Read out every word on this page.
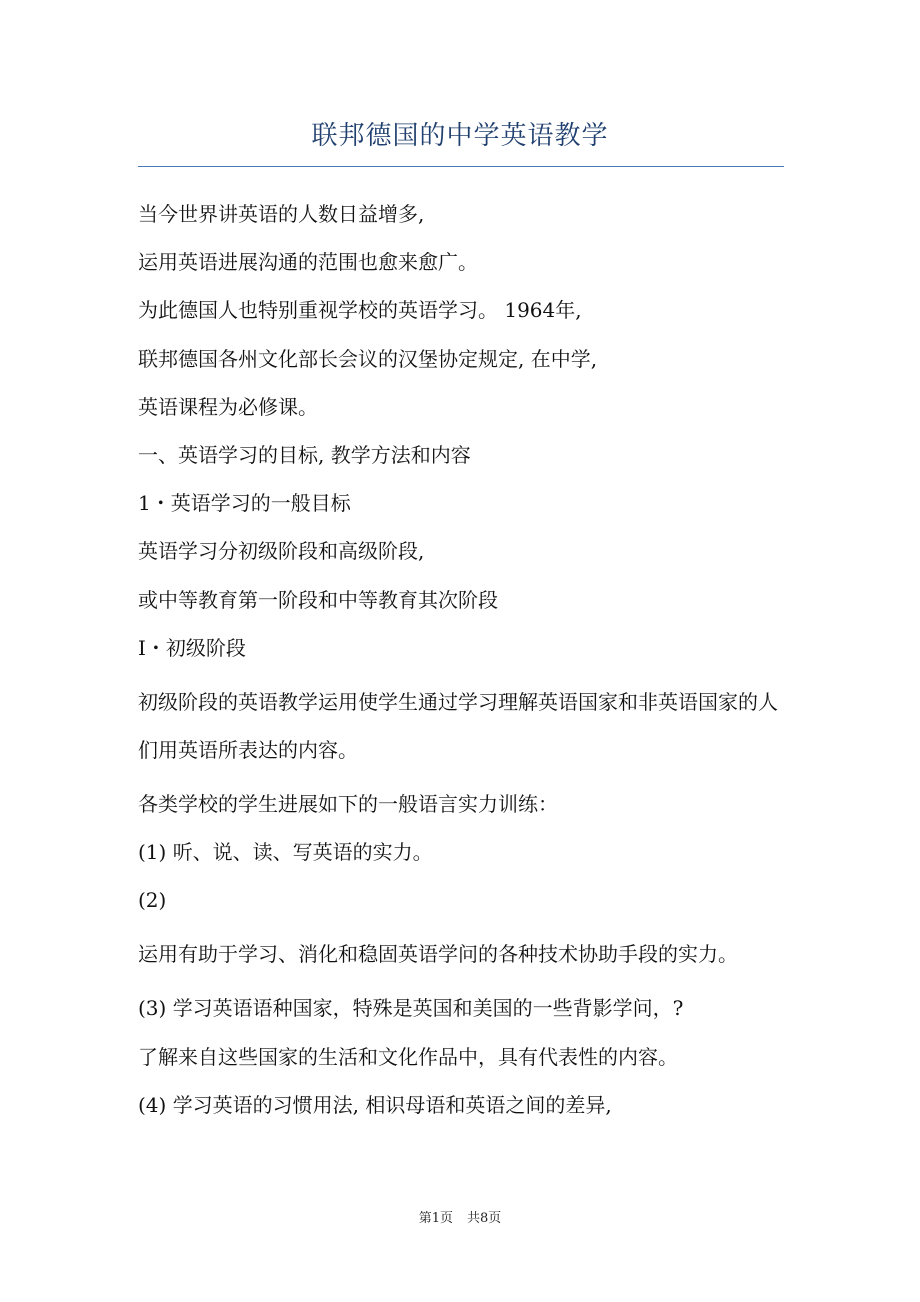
联邦德国的中学英语教学
当今世界讲英语的人数日益增多,
运用英语进展沟通的范围也愈来愈广。
为此德国人也特别重视学校的英语学习。 1964年,
联邦德国各州文化部长会议的汉堡协定规定, 在中学,
英语课程为必修课。
一、英语学习的目标, 教学方法和内容
1・英语学习的一般目标
英语学习分初级阶段和高级阶段,
或中等教育第一阶段和中等教育其次阶段
I・初级阶段
初级阶段的英语教学运用使学生通过学习理解英语国家和非英语国家的人们用英语所表达的内容。
各类学校的学生进展如下的一般语言实力训练：
(1) 听、说、读、写英语的实力。
(2)
运用有助于学习、消化和稳固英语学问的各种技术协助手段的实力。
(3) 学习英语语种国家，特殊是英国和美国的一些背影学问，?
了解来自这些国家的生活和文化作品中，具有代表性的内容。
(4) 学习英语的习惯用法, 相识母语和英语之间的差异,
第1页 共8页
